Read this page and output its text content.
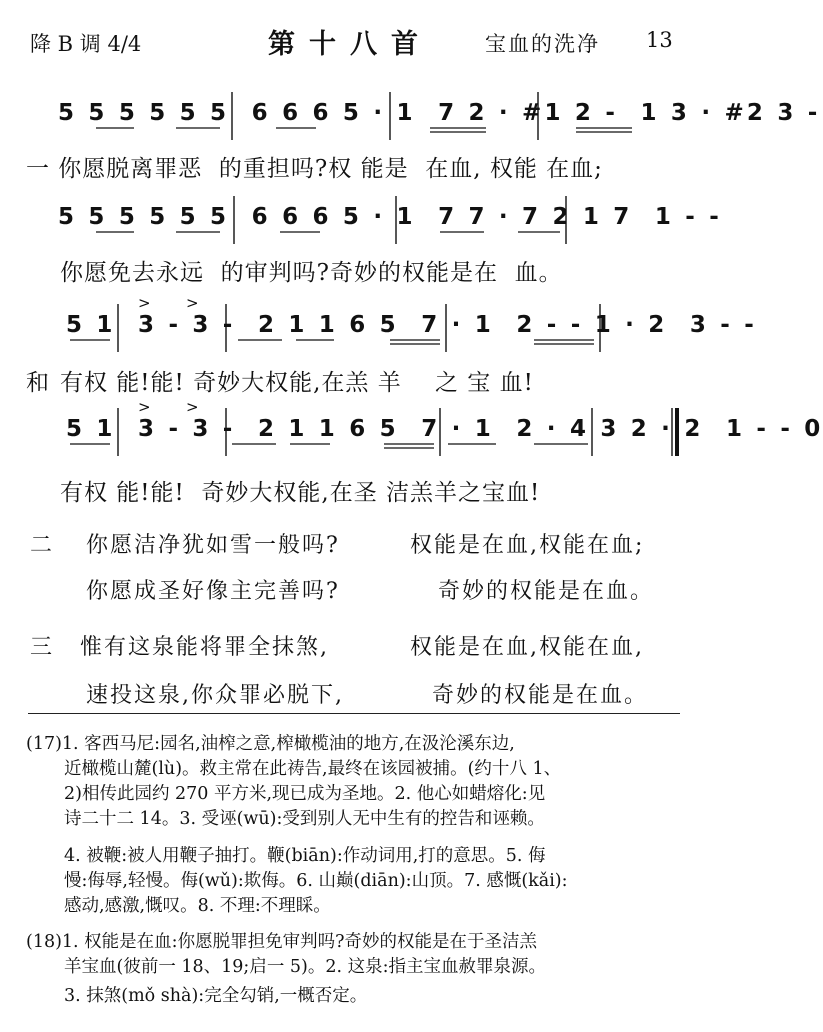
降 B 调 4/4	第十八首	宝血的洗净 13
> >
> >
5 5 5 5 5 5  6 6 6 5 · 1  7 2 · #1 2 -  1 3 · #2 3 -
一 你愿脱离罪恶  的重担吗?权 能是  在血, 权能 在血;
5 5 5 5 5 5  6 6 6 5 · 1  7 7 · 7 2 1 7  1 - -
你愿免去永远  的审判吗?奇妙的权能是在  血。
5 1  3 - 3 -  2 1 1 6 5  7 · 1  2 - - 1 · 2  3 - -
和 有权 能!能! 奇妙大权能,在羔 羊    之 宝 血!
5 1  3 - 3 -  2 1 1 6 5  7 · 1  2 · 4 3 2 · 2  1 - - 0
有权 能!能!  奇妙大权能,在圣 洁羔羊之宝血!
二 你愿洁净犹如雪一般吗?	权能是在血,权能在血;
你愿成圣好像主完善吗?	奇妙的权能是在血。
三 惟有这泉能将罪全抹煞,	权能是在血,权能在血,
速投这泉,你众罪必脱下,	奇妙的权能是在血。
(17)1. 客西马尼:园名,油榨之意,榨橄榄油的地方,在汲沦溪东边,
近橄榄山麓(lù)。救主常在此祷告,最终在该园被捕。(约十八 1、
2)相传此园约 270 平方米,现已成为圣地。2. 他心如蜡熔化:见
诗二十二 14。3. 受诬(wū):受到别人无中生有的控告和诬赖。
4. 被鞭:被人用鞭子抽打。鞭(biān):作动词用,打的意思。5. 侮
慢:侮辱,轻慢。侮(wǔ):欺侮。6. 山巅(diān):山顶。7. 感慨(kǎi):
感动,感激,慨叹。8. 不理:不理睬。
(18)1. 权能是在血:你愿脱罪担免审判吗?奇妙的权能是在于圣洁羔
羊宝血(彼前一 18、19;启一 5)。2. 这泉:指主宝血赦罪泉源。
3. 抹煞(mǒ shà):完全勾销,一概否定。
